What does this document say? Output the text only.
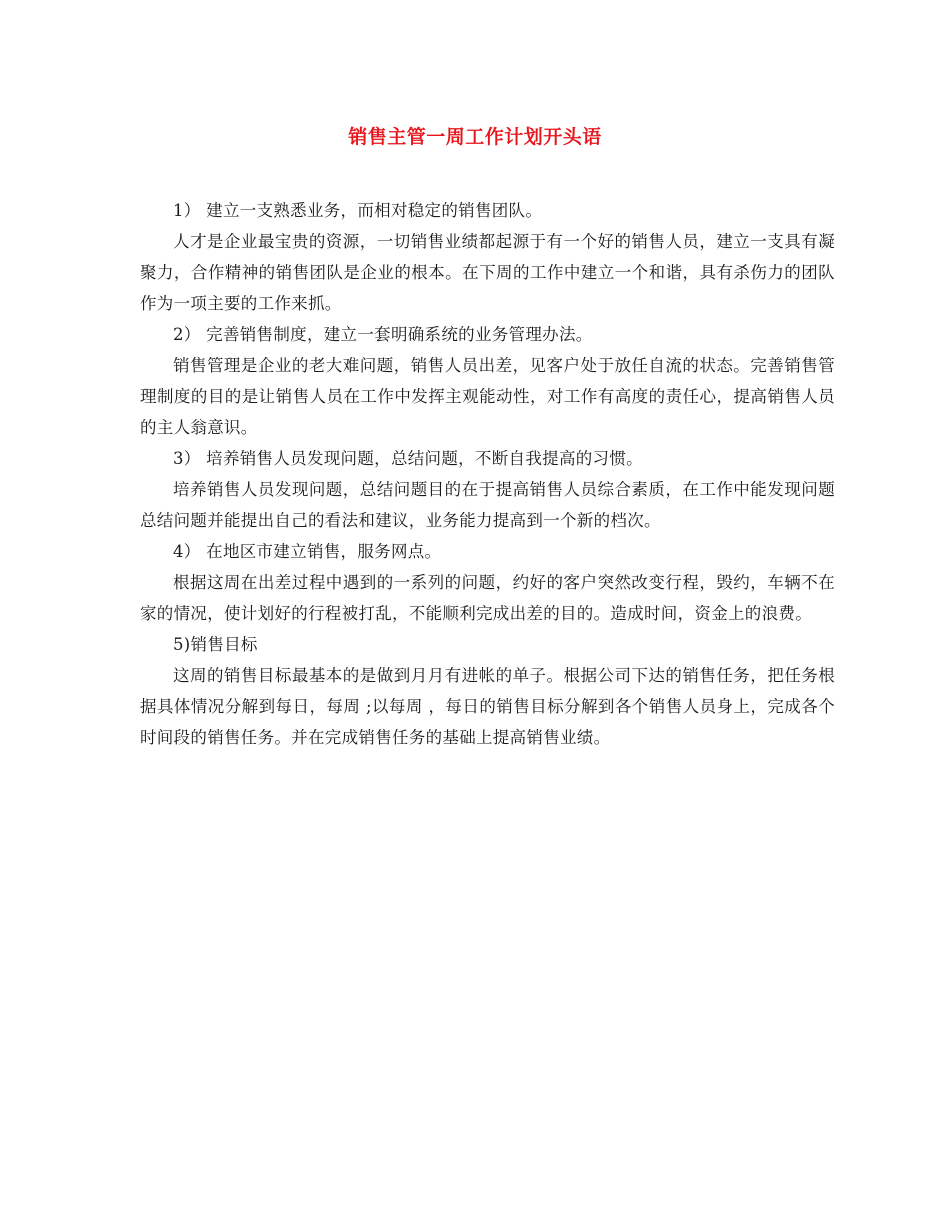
销售主管一周工作计划开头语

1） 建立一支熟悉业务，而相对稳定的销售团队。

人才是企业最宝贵的资源，一切销售业绩都起源于有一个好的销售人员，建立一支具有凝聚力，合作精神的销售团队是企业的根本。在下周的工作中建立一个和谐，具有杀伤力的团队作为一项主要的工作来抓。

2） 完善销售制度，建立一套明确系统的业务管理办法。

销售管理是企业的老大难问题，销售人员出差，见客户处于放任自流的状态。完善销售管理制度的目的是让销售人员在工作中发挥主观能动性，对工作有高度的责任心，提高销售人员的主人翁意识。

3） 培养销售人员发现问题，总结问题，不断自我提高的习惯。

培养销售人员发现问题，总结问题目的在于提高销售人员综合素质，在工作中能发现问题总结问题并能提出自己的看法和建议，业务能力提高到一个新的档次。

4） 在地区市建立销售，服务网点。

根据这周在出差过程中遇到的一系列的问题，约好的客户突然改变行程，毁约，车辆不在家的情况，使计划好的行程被打乱，不能顺利完成出差的目的。造成时间，资金上的浪费。

5)销售目标

这周的销售目标最基本的是做到月月有进帐的单子。根据公司下达的销售任务，把任务根据具体情况分解到每日，每周 ;以每周 ，每日的销售目标分解到各个销售人员身上，完成各个时间段的销售任务。并在完成销售任务的基础上提高销售业绩。
